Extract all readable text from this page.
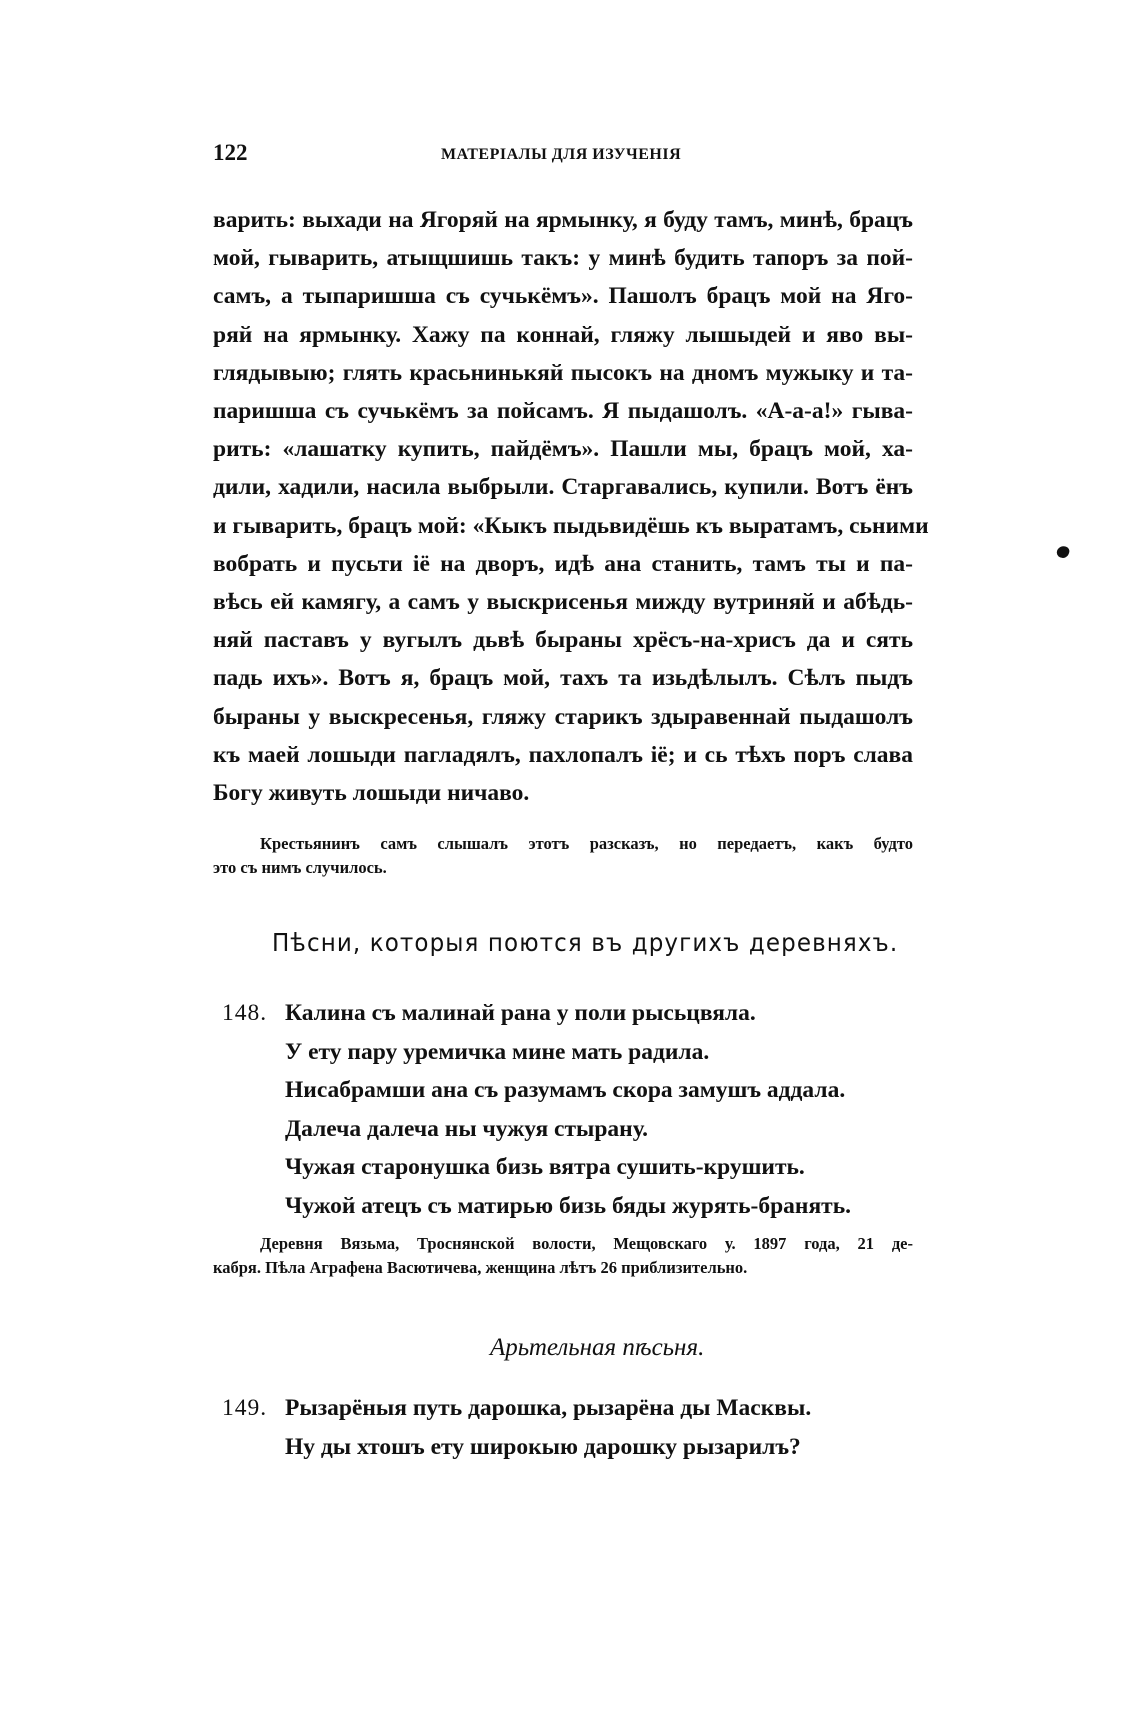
122	МАТЕРІАЛЫ ДЛЯ ИЗУЧЕНІЯ
варить: выхади на Ягоряй на ярмынку, я буду тамъ, минѣ, брацъ
мой, гыварить, атыщшишь такъ: у минѣ будить тапоръ за пой-
самъ, а тыпаришша съ сучькёмъ». Пашолъ брацъ мой на Яго-
ряй на ярмынку. Хажу па коннай, гляжу лышыдей и яво вы-
глядывыю; глять красьнинькяй пысокъ на дномъ мужыку и та-
паришша съ сучькёмъ за пойсамъ. Я пыдашолъ. «А-а-а!» гыва-
рить: «лашатку купить, пайдёмъ». Пашли мы, брацъ мой, ха-
дили, хадили, насила выбрыли. Старгавались, купили. Вотъ ёнъ
и гыварить, брацъ мой: «Кыкъ пыдьвидёшь къ выратамъ, сьними
вобрать и пусьти іё на дворъ, идѣ ана станить, тамъ ты и па-
вѣсь ей камягу, а самъ у выскрисенья мижду вутриняй и абѣдь-
няй паставъ у вугылъ дьвѣ быраны хрёсъ-на-хрисъ да и сять
падь ихъ». Вотъ я, брацъ мой, тахъ та изьдѣлылъ. Сѣлъ пыдъ
быраны у выскресенья, гляжу старикъ здыравеннай пыдашолъ
къ маей лошыди пагладялъ, пахлопалъ іё; и сь тѣхъ поръ слава
Богу живуть лошыди ничаво.
Крестьянинъ самъ слышалъ этотъ разсказъ, но передаетъ, какъ будто
это съ нимъ случилось.
Пѣсни, которыя поются въ другихъ деревняхъ.
148. Калина съ малинай рана у поли рысьцвяла.
У ету пару уремичка мине мать радила.
Нисабрамши ана съ разумамъ скора замушъ аддала.
Далеча далеча ны чужуя стырану.
Чужая старонушка бизь вятра сушить-крушить.
Чужой атецъ съ матирью бизь бяды журять-бранять.
Деревня Вязьма, Троснянской волости, Мещовскаго у. 1897 года, 21 де-
кабря. Пѣла Аграфена Васютичева, женщина лѣтъ 26 приблизительно.
Арьтельная пѣсьня.
149. Рызарёныя путь дарошка, рызарёна ды Масквы.
Ну ды хтошъ ету широкыю дарошку рызарилъ?
